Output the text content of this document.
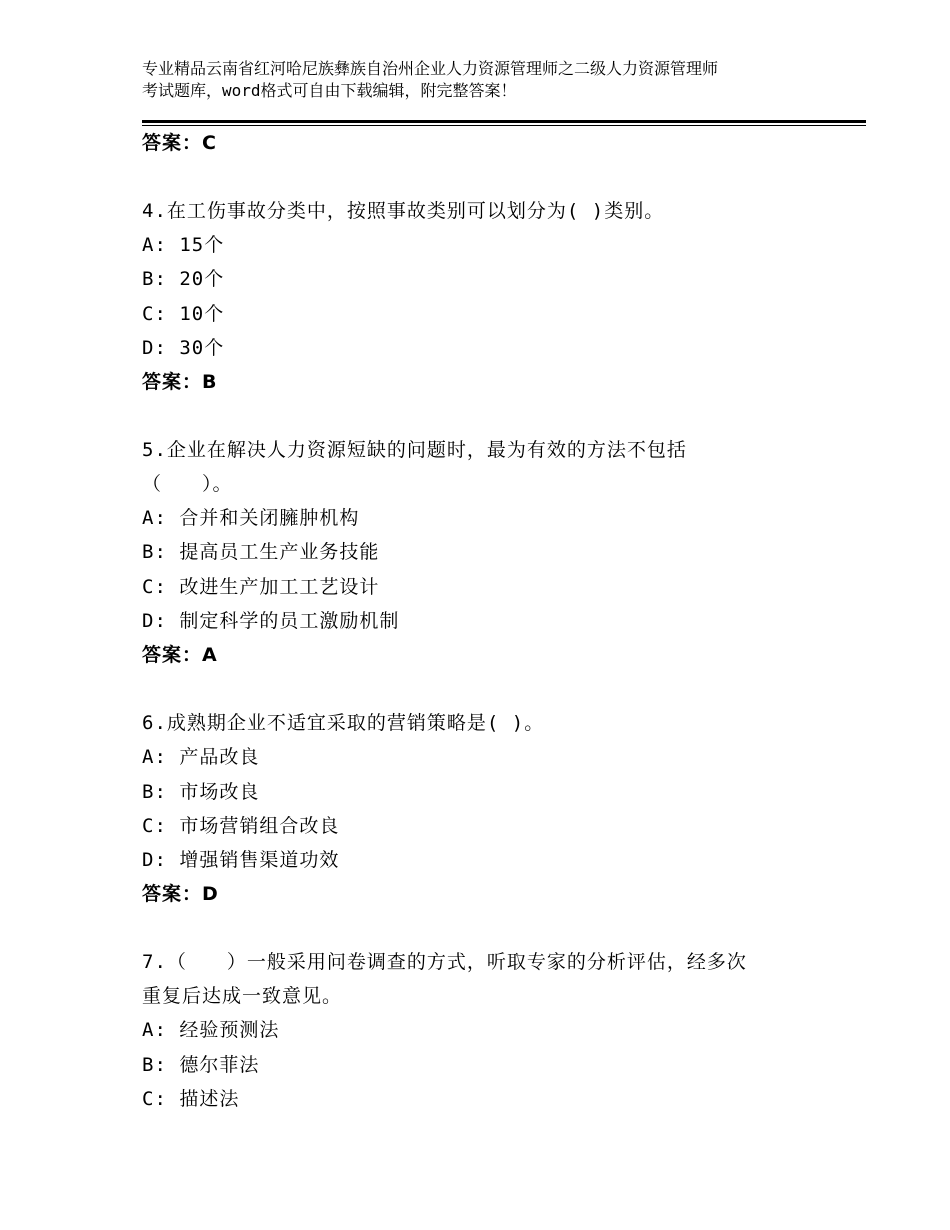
专业精品云南省红河哈尼族彝族自治州企业人力资源管理师之二级人力资源管理师
考试题库，word格式可自由下载编辑，附完整答案！
答案：C
4.在工伤事故分类中，按照事故类别可以划分为( )类别。
A: 15个
B: 20个
C: 10个
D: 30个
答案：B
5.企业在解决人力资源短缺的问题时，最为有效的方法不包括
（　　）。
A: 合并和关闭臃肿机构
B: 提高员工生产业务技能
C: 改进生产加工工艺设计
D: 制定科学的员工激励机制
答案：A
6.成熟期企业不适宜采取的营销策略是( )。
A: 产品改良
B: 市场改良
C: 市场营销组合改良
D: 增强销售渠道功效
答案：D
7.（　　）一般采用问卷调查的方式，听取专家的分析评估，经多次
重复后达成一致意见。
A: 经验预测法
B: 德尔菲法
C: 描述法
